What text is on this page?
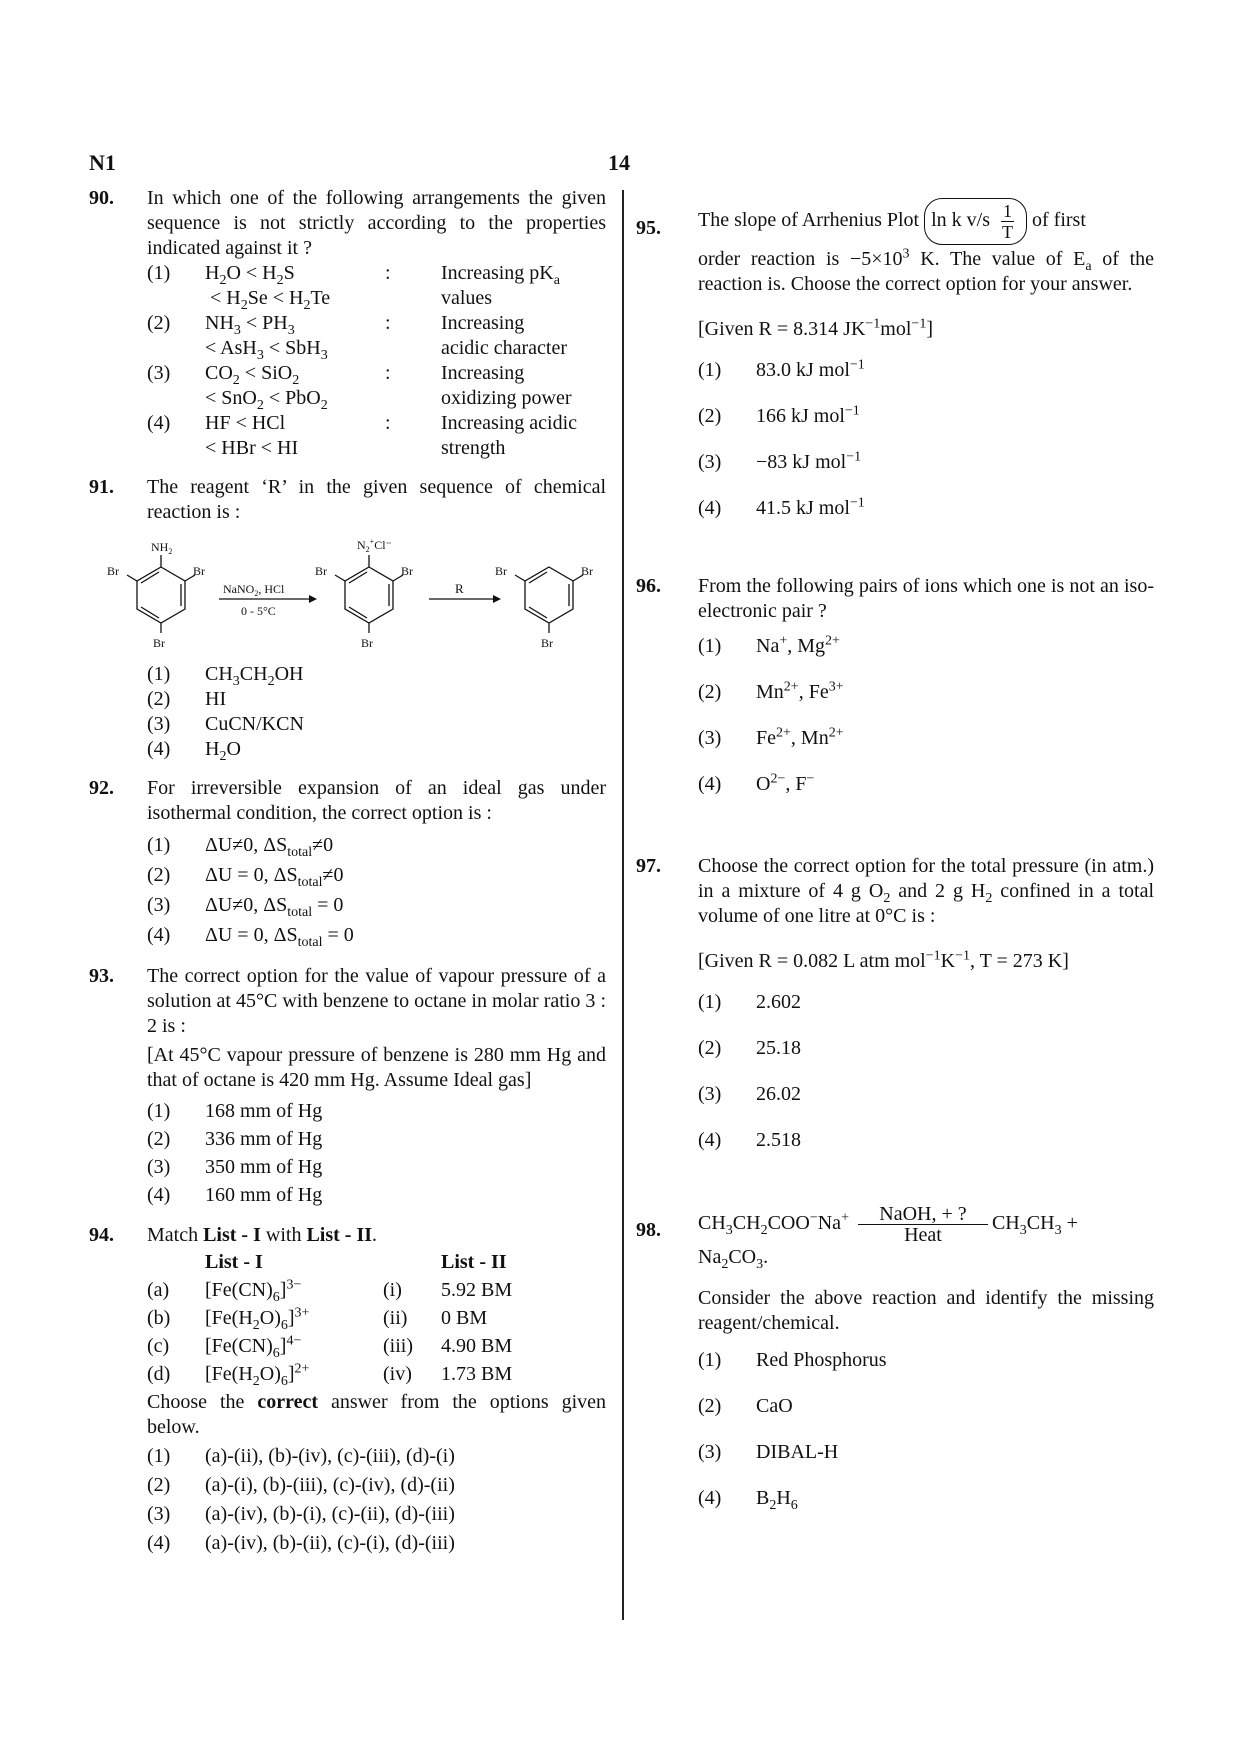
N1	14
90. In which one of the following arrangements the given sequence is not strictly according to the properties indicated against it ?
(1)	$H_2O < H_2S$
< $H_2Se < H_2Te$	:	Increasing $pK_a$
values
(2)	$NH_3 < PH_3$
< AsH$_3$ < SbH$_3$	:	Increasing
acidic character
(3)	$CO_2 < SiO_2$
< SnO$_2$ < PbO$_2$	:	Increasing
oxidizing power
(4)	HF < HCl
< HBr < HI	:	Increasing acidic
strength
91. The reagent ‘R’ in the given sequence of chemical reaction is :
$NH_2$
Br	Br
Br
NaNO$_2$, HCl
0 - 5°C
$N_2^+Cl^-$
Br	Br
Br
R
Br	Br
Br
(1)	$CH_3CH_2OH$
(2)	HI
(3)	CuCN/KCN
(4)	$H_2O$
92. For irreversible expansion of an ideal gas under isothermal condition, the correct option is :
(1)	ΔU≠0, $\Delta S_{total}\ne 0$
(2)	ΔU = 0, $\Delta S_{total}\ne 0$
(3)	ΔU≠0, $\Delta S_{total} = 0$
(4)	ΔU = 0, $\Delta S_{total} = 0$
93. The correct option for the value of vapour pressure of a solution at 45°C with benzene to octane in molar ratio 3 : 2 is :
[At 45°C vapour pressure of benzene is 280 mm Hg and that of octane is 420 mm Hg. Assume Ideal gas]
(1)	168 mm of Hg
(2)	336 mm of Hg
(3)	350 mm of Hg
(4)	160 mm of Hg
94. Match List - I with List - II.
	List - I		List - II
(a)	$[Fe(CN)_6]^{3-}$	(i)	5.92 BM
(b)	$[Fe(H_2O)_6]^{3+}$	(ii)	0 BM
(c)	$[Fe(CN)_6]^{4-}$	(iii)	4.90 BM
(d)	$[Fe(H_2O)_6]^{2+}$	(iv)	1.73 BM
Choose the correct answer from the options given below.
(1)	(a)-(ii), (b)-(iv), (c)-(iii), (d)-(i)
(2)	(a)-(i), (b)-(iii), (c)-(iv), (d)-(ii)
(3)	(a)-(iv), (b)-(i), (c)-(ii), (d)-(iii)
(4)	(a)-(iv), (b)-(ii), (c)-(i), (d)-(iii)
95. The slope of Arrhenius Plot ln k $v/s \frac{1}{T}$ of first
order reaction is $-5\times 10^3$ K. The value of $E_a$ of the reaction is. Choose the correct option for your answer.
[Given R = 8.314 $JK^{-1}mol^{-1}$]
(1)	83.0 kJ mol$^{-1}$
(2)	166 kJ mol$^{-1}$
(3)	−83 kJ mol$^{-1}$
(4)	41.5 kJ mol$^{-1}$
96. From the following pairs of ions which one is not an iso-electronic pair ?
(1)	Na+, $Mg^{2+}$
(2)	$Mn^{2+}$, $Fe^{3+}$
(3)	$Fe^{2+}$, $Mn^{2+}$
(4)	$O^{2-}$, F−
97. Choose the correct option for the total pressure (in atm.) in a mixture of 4 g $O_2$ and 2 g $H_2$ confined in a total volume of one litre at 0°C is :
[Given R = 0.082 L atm $mol^{-1}K^{-1}$, T = 273 K]
(1)	2.602
(2)	25.18
(3)	26.02
(4)	2.518
98. $CH_3CH_2COO^-Na^+$	NaOH, + ?
Heat
$CH_3CH_3$ +
$Na_2CO_3$.
Consider the above reaction and identify the missing reagent/chemical.
(1)	Red Phosphorus
(2)	CaO
(3)	DIBAL-H
(4)	$B_2H_6$
